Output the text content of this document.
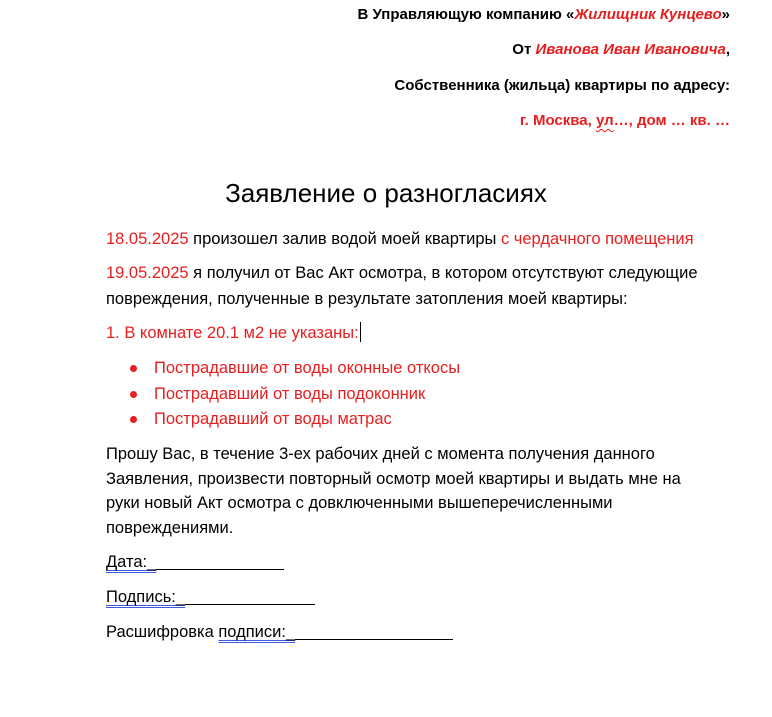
В Управляющую компанию «Жилищник Кунцево»
От Иванова Иван Ивановича,
Собственника (жильца) квартиры по адресу:
г. Москва, ул…, дом … кв. …
Заявление о разногласиях
18.05.2025 произошел залив водой моей квартиры с чердачного помещения
19.05.2025 я получил от Вас Акт осмотра, в котором отсутствуют следующие
повреждения, полученные в результате затопления моей квартиры:
1. В комнате 20.1 м2 не указаны:
Пострадавшие от воды оконные откосы
Пострадавший от воды подоконник
Пострадавший от воды матрас
Прошу Вас, в течение 3-ех рабочих дней с момента получения данного
Заявления, произвести повторный осмотр моей квартиры и выдать мне на
руки новый Акт осмотра с довключенными вышеперечисленными
повреждениями.
Дата:_
Подпись:_
Расшифровка подписи:_
